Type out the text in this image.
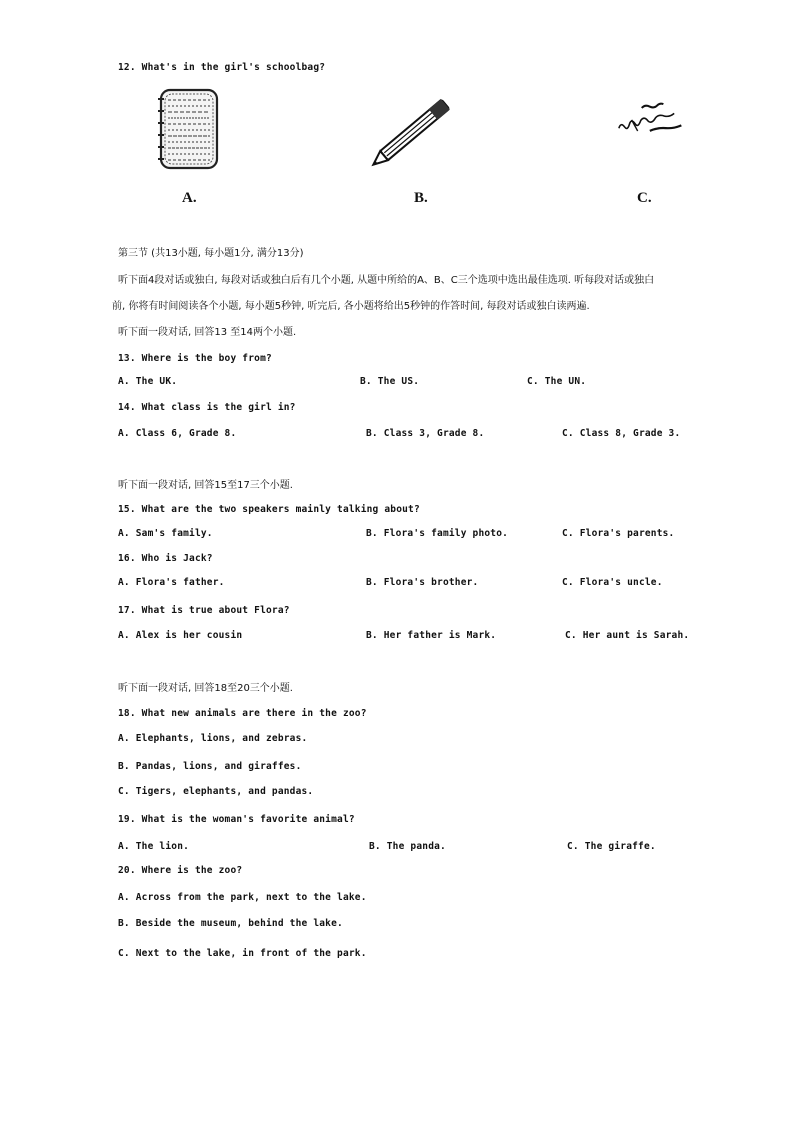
12. What's in the girl's schoolbag?
A.	B.	C.
第三节 (共13小题, 每小题1分, 满分13分)
听下面4段对话或独白, 每段对话或独白后有几个小题, 从题中所给的A、B、C三个选项中选出最佳选项. 听每段对话或独白
前, 你将有时间阅读各个小题, 每小题5秒钟, 听完后, 各小题将给出5秒钟的作答时间, 每段对话或独白读两遍.
听下面一段对话, 回答13 至14两个小题.
13. Where is the boy from?
A. The UK.	B. The US.	C. The UN.
14. What class is the girl in?
A. Class 6, Grade 8.	B. Class 3, Grade 8.	C. Class 8, Grade 3.
听下面一段对话, 回答15至17三个小题.
15. What are the two speakers mainly talking about?
A. Sam's family.	B. Flora's family photo.	C. Flora's parents.
16. Who is Jack?
A. Flora's father.	B. Flora's brother.	C. Flora's uncle.
17. What is true about Flora?
A. Alex is her cousin	B. Her father is Mark.	C. Her aunt is Sarah.
听下面一段对话, 回答18至20三个小题.
18. What new animals are there in the zoo?
A. Elephants, lions, and zebras.
B. Pandas, lions, and giraffes.
C. Tigers, elephants, and pandas.
19. What is the woman's favorite animal?
A. The lion.	B. The panda.	C. The giraffe.
20. Where is the zoo?
A. Across from the park, next to the lake.
B. Beside the museum, behind the lake.
C. Next to the lake, in front of the park.
